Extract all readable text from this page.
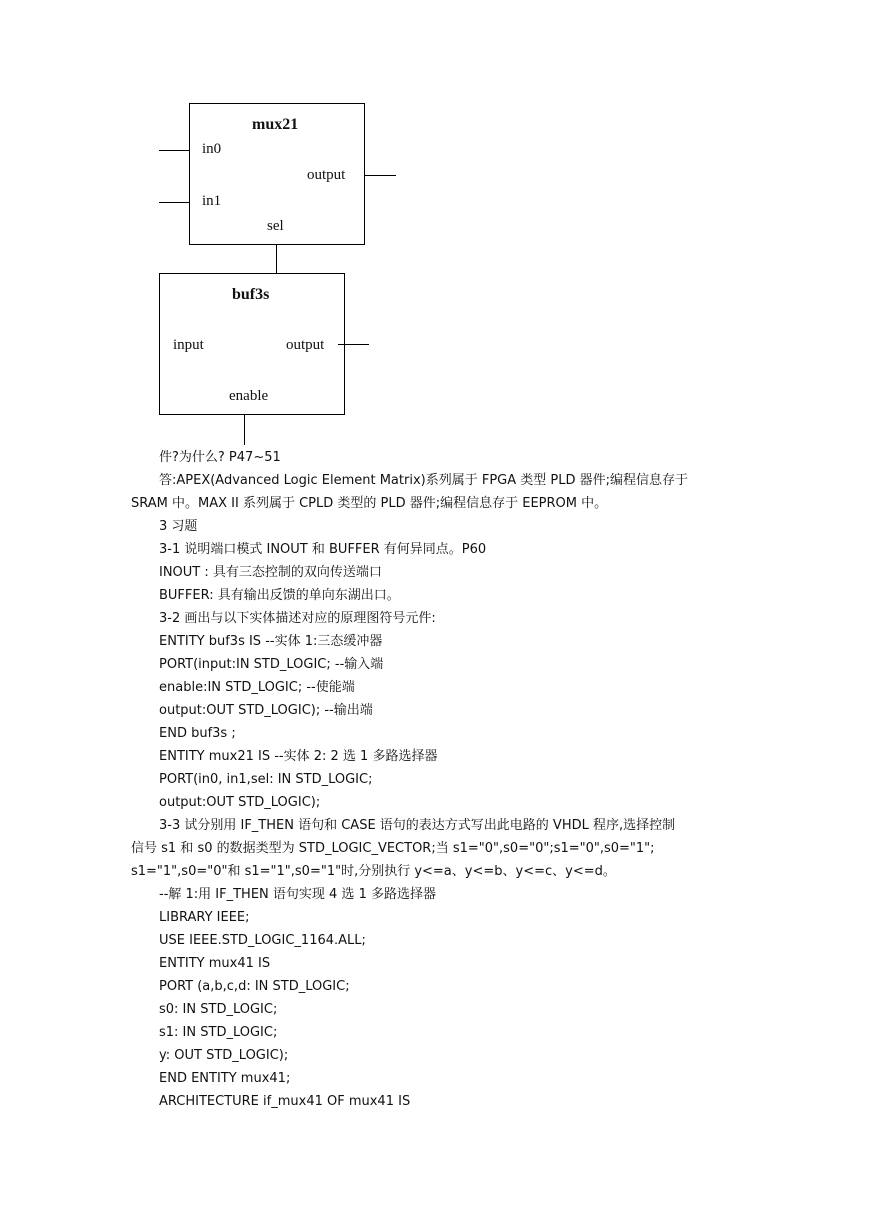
mux21
in0
in1
output
sel
buf3s
input	output
enable
件?为什么? P47~51
答:APEX(Advanced Logic Element Matrix)系列属于 FPGA 类型 PLD 器件;编程信息存于
SRAM 中。MAX II 系列属于 CPLD 类型的 PLD 器件;编程信息存于 EEPROM 中。
3 习题
3-1 说明端口模式 INOUT 和 BUFFER 有何异同点。P60
INOUT : 具有三态控制的双向传送端口
BUFFER: 具有输出反馈的单向东湖出口。
3-2 画出与以下实体描述对应的原理图符号元件:
ENTITY buf3s IS --实体 1:三态缓冲器
PORT(input:IN STD_LOGIC; --输入端
enable:IN STD_LOGIC; --使能端
output:OUT STD_LOGIC); --输出端
END buf3s ;
ENTITY mux21 IS --实体 2: 2 选 1 多路选择器
PORT(in0, in1,sel: IN STD_LOGIC;
output:OUT STD_LOGIC);
3-3 试分别用 IF_THEN 语句和 CASE 语句的表达方式写出此电路的 VHDL 程序,选择控制
信号 s1 和 s0 的数据类型为 STD_LOGIC_VECTOR;当 s1="0",s0="0";s1="0",s0="1";
s1="1",s0="0"和 s1="1",s0="1"时,分别执行 y<=a、y<=b、y<=c、y<=d。
--解 1:用 IF_THEN 语句实现 4 选 1 多路选择器
LIBRARY IEEE;
USE IEEE.STD_LOGIC_1164.ALL;
ENTITY mux41 IS
PORT (a,b,c,d: IN STD_LOGIC;
s0: IN STD_LOGIC;
s1: IN STD_LOGIC;
y: OUT STD_LOGIC);
END ENTITY mux41;
ARCHITECTURE if_mux41 OF mux41 IS
